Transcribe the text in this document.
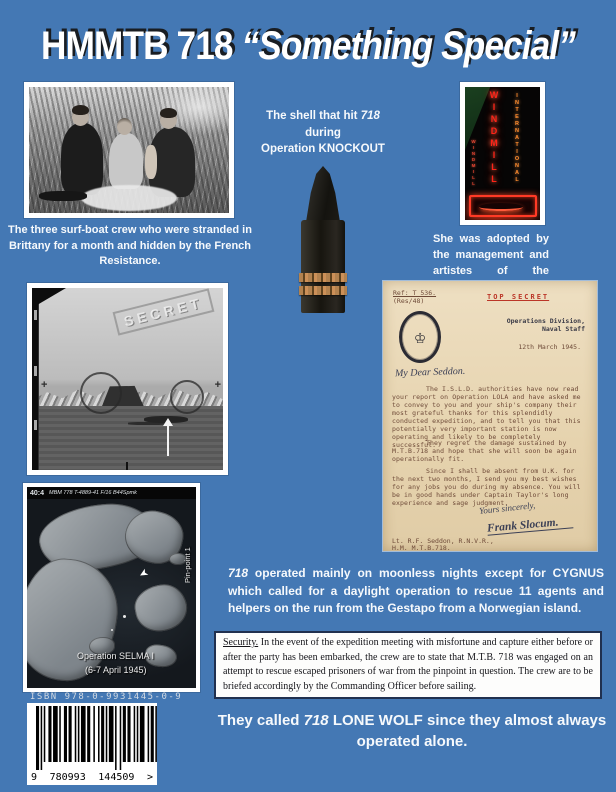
HMMTB 718 “Something Special”
The three surf-boat crew who were stranded in Brittany for a month and hidden by the French Resistance.
The shell that hit 718
during
Operation KNOCKOUT	WINDMILL	INTERNATIONAL
WINDMILL
She was adopted by the management and artistes of the
SECRET
+	+
40:4 MBM 778 T-4889-41 F/16 B44Spmk
Pin-point 1
➤
Operation SELMA I
(6-7 April 1945)
Ref: T 536.
(Res/48)	TOP SECRET
♔
Operations Division,
Naval Staff
12th March 1945.
My Dear Seddon.
The I.S.L.D. authorities have now read your report on Operation LOLA and have asked me to convey to you and your ship's company their most grateful thanks for this splendidly conducted expedition, and to tell you that this potentially very important station is now operating and likely to be completely successful.
They regret the damage sustained by M.T.B.718 and hope that she will soon be again operationally fit.
Since I shall be absent from U.K. for the next two months, I send you my best wishes for any jobs you do during my absence. You will be in good hands under Captain Taylor's long experience and sage judgment.
Yours sincerely,
Frank Slocum.
Lt. R.F. Seddon, R.N.V.R.,
H.M. M.T.B.718.
718 operated mainly on moonless nights except for CYGNUS which called for a daylight operation to rescue 11 agents and helpers on the run from the Gestapo from a Norwegian island.
Security. In the event of the expedition meeting with misfortune and capture either before or after the party has been embarked, the crew are to state that M.T.B. 718 was engaged on an attempt to rescue escaped prisoners of war from the pinpoint in question. The crew are to be briefed accordingly by the Commanding Officer before sailing.
They called 718 LONE WOLF since they almost always operated alone.
ISBN 978-0-9931445-0-9
9 780993 144509 >
